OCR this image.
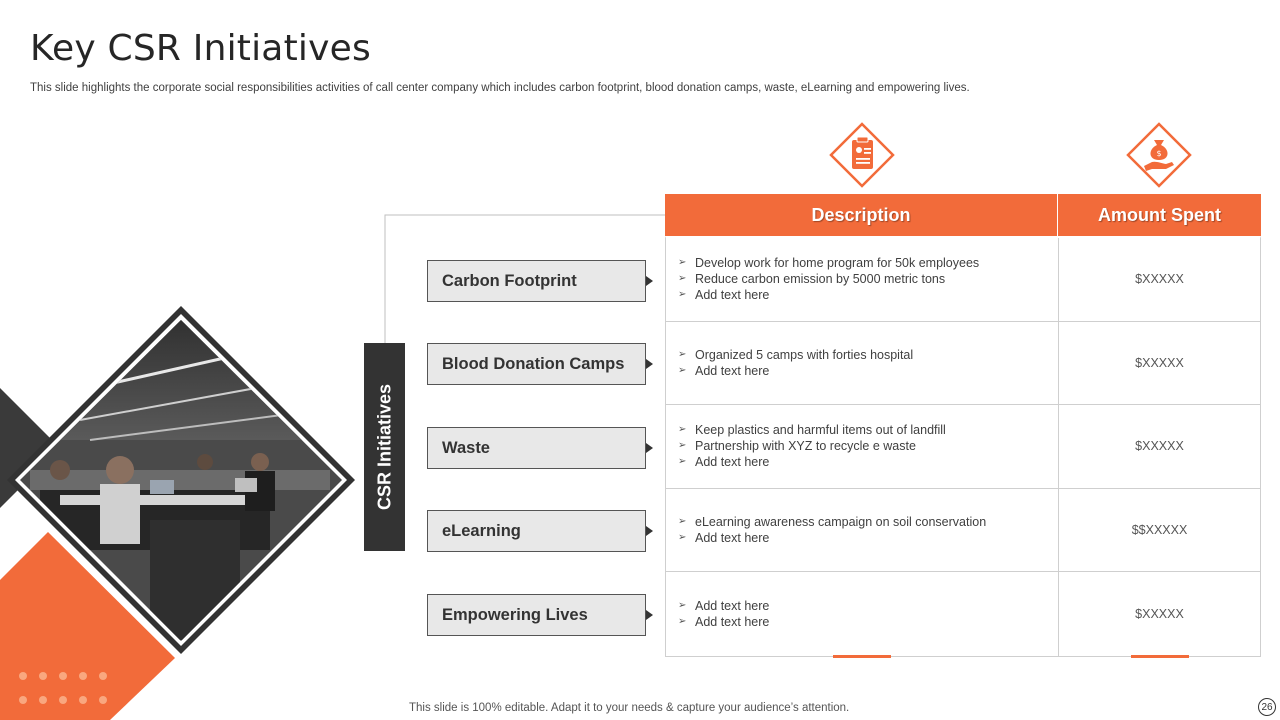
Key CSR Initiatives

This slide highlights the corporate social responsibilities activities of call center company which includes carbon footprint, blood donation camps, waste, eLearning and empowering lives.

CSR Initiatives
Carbon Footprint
Blood Donation Camps
Waste
eLearning
Empowering Lives
$
Description	Amount Spent
➢ Develop work for home program for 50k employees
➢ Reduce carbon emission by 5000 metric tons
➢ Add text here
$XXXXX
➢ Organized 5 camps with forties hospital
➢ Add text here
$XXXXX
➢ Keep plastics and harmful items out of landfill
➢ Partnership with XYZ to recycle e waste
➢ Add text here
$XXXXX
➢ eLearning awareness campaign on soil conservation
➢ Add text here
$$XXXXX
➢ Add text here
➢ Add text here
$XXXXX
This slide is 100% editable. Adapt it to your needs & capture your audience’s attention.	26
